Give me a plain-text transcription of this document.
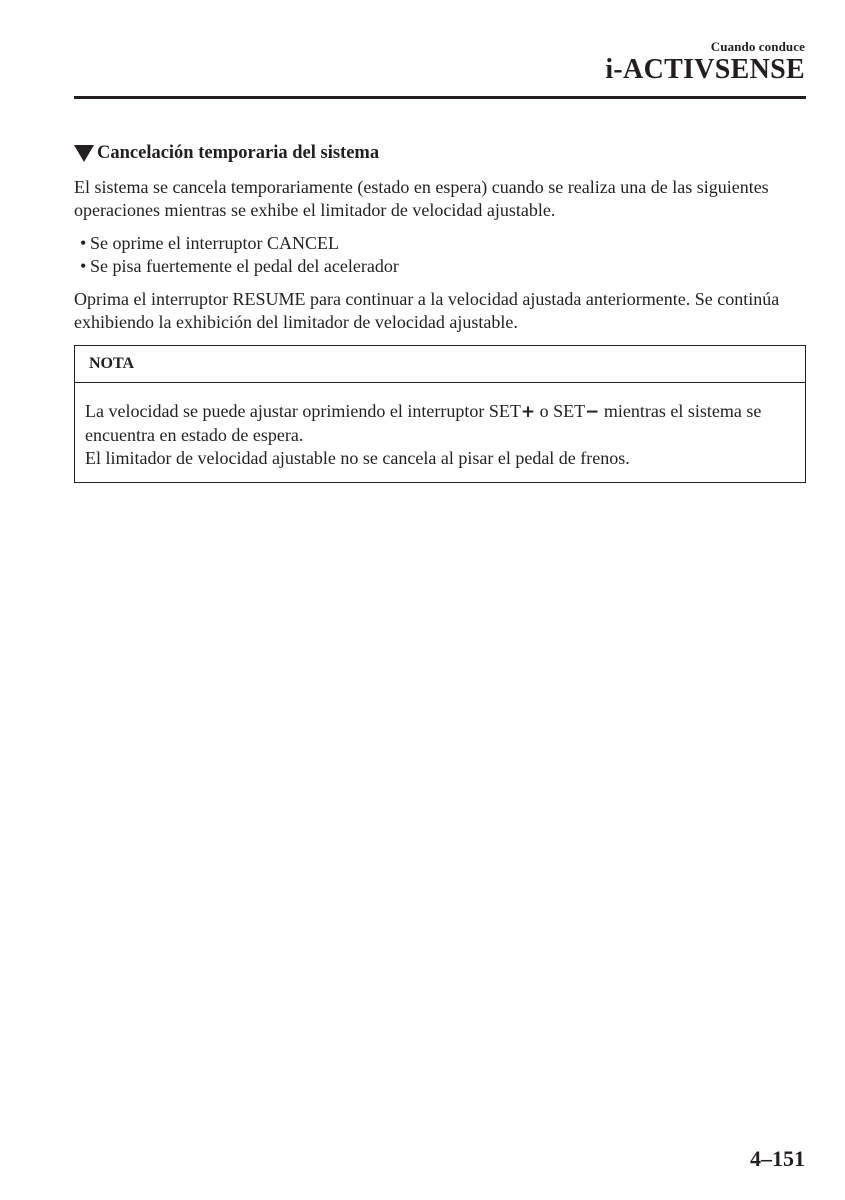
Cuando conduce
i-ACTIVSENSE
Cancelación temporaria del sistema

El sistema se cancela temporariamente (estado en espera) cuando se realiza una de las siguientes operaciones mientras se exhibe el limitador de velocidad ajustable.

• Se oprime el interruptor CANCEL
• Se pisa fuertemente el pedal del acelerador

Oprima el interruptor RESUME para continuar a la velocidad ajustada anteriormente. Se continúa exhibiendo la exhibición del limitador de velocidad ajustable.

NOTA
La velocidad se puede ajustar oprimiendo el interruptor SET+ o SET− mientras el sistema se encuentra en estado de espera.
El limitador de velocidad ajustable no se cancela al pisar el pedal de frenos.
4–151
